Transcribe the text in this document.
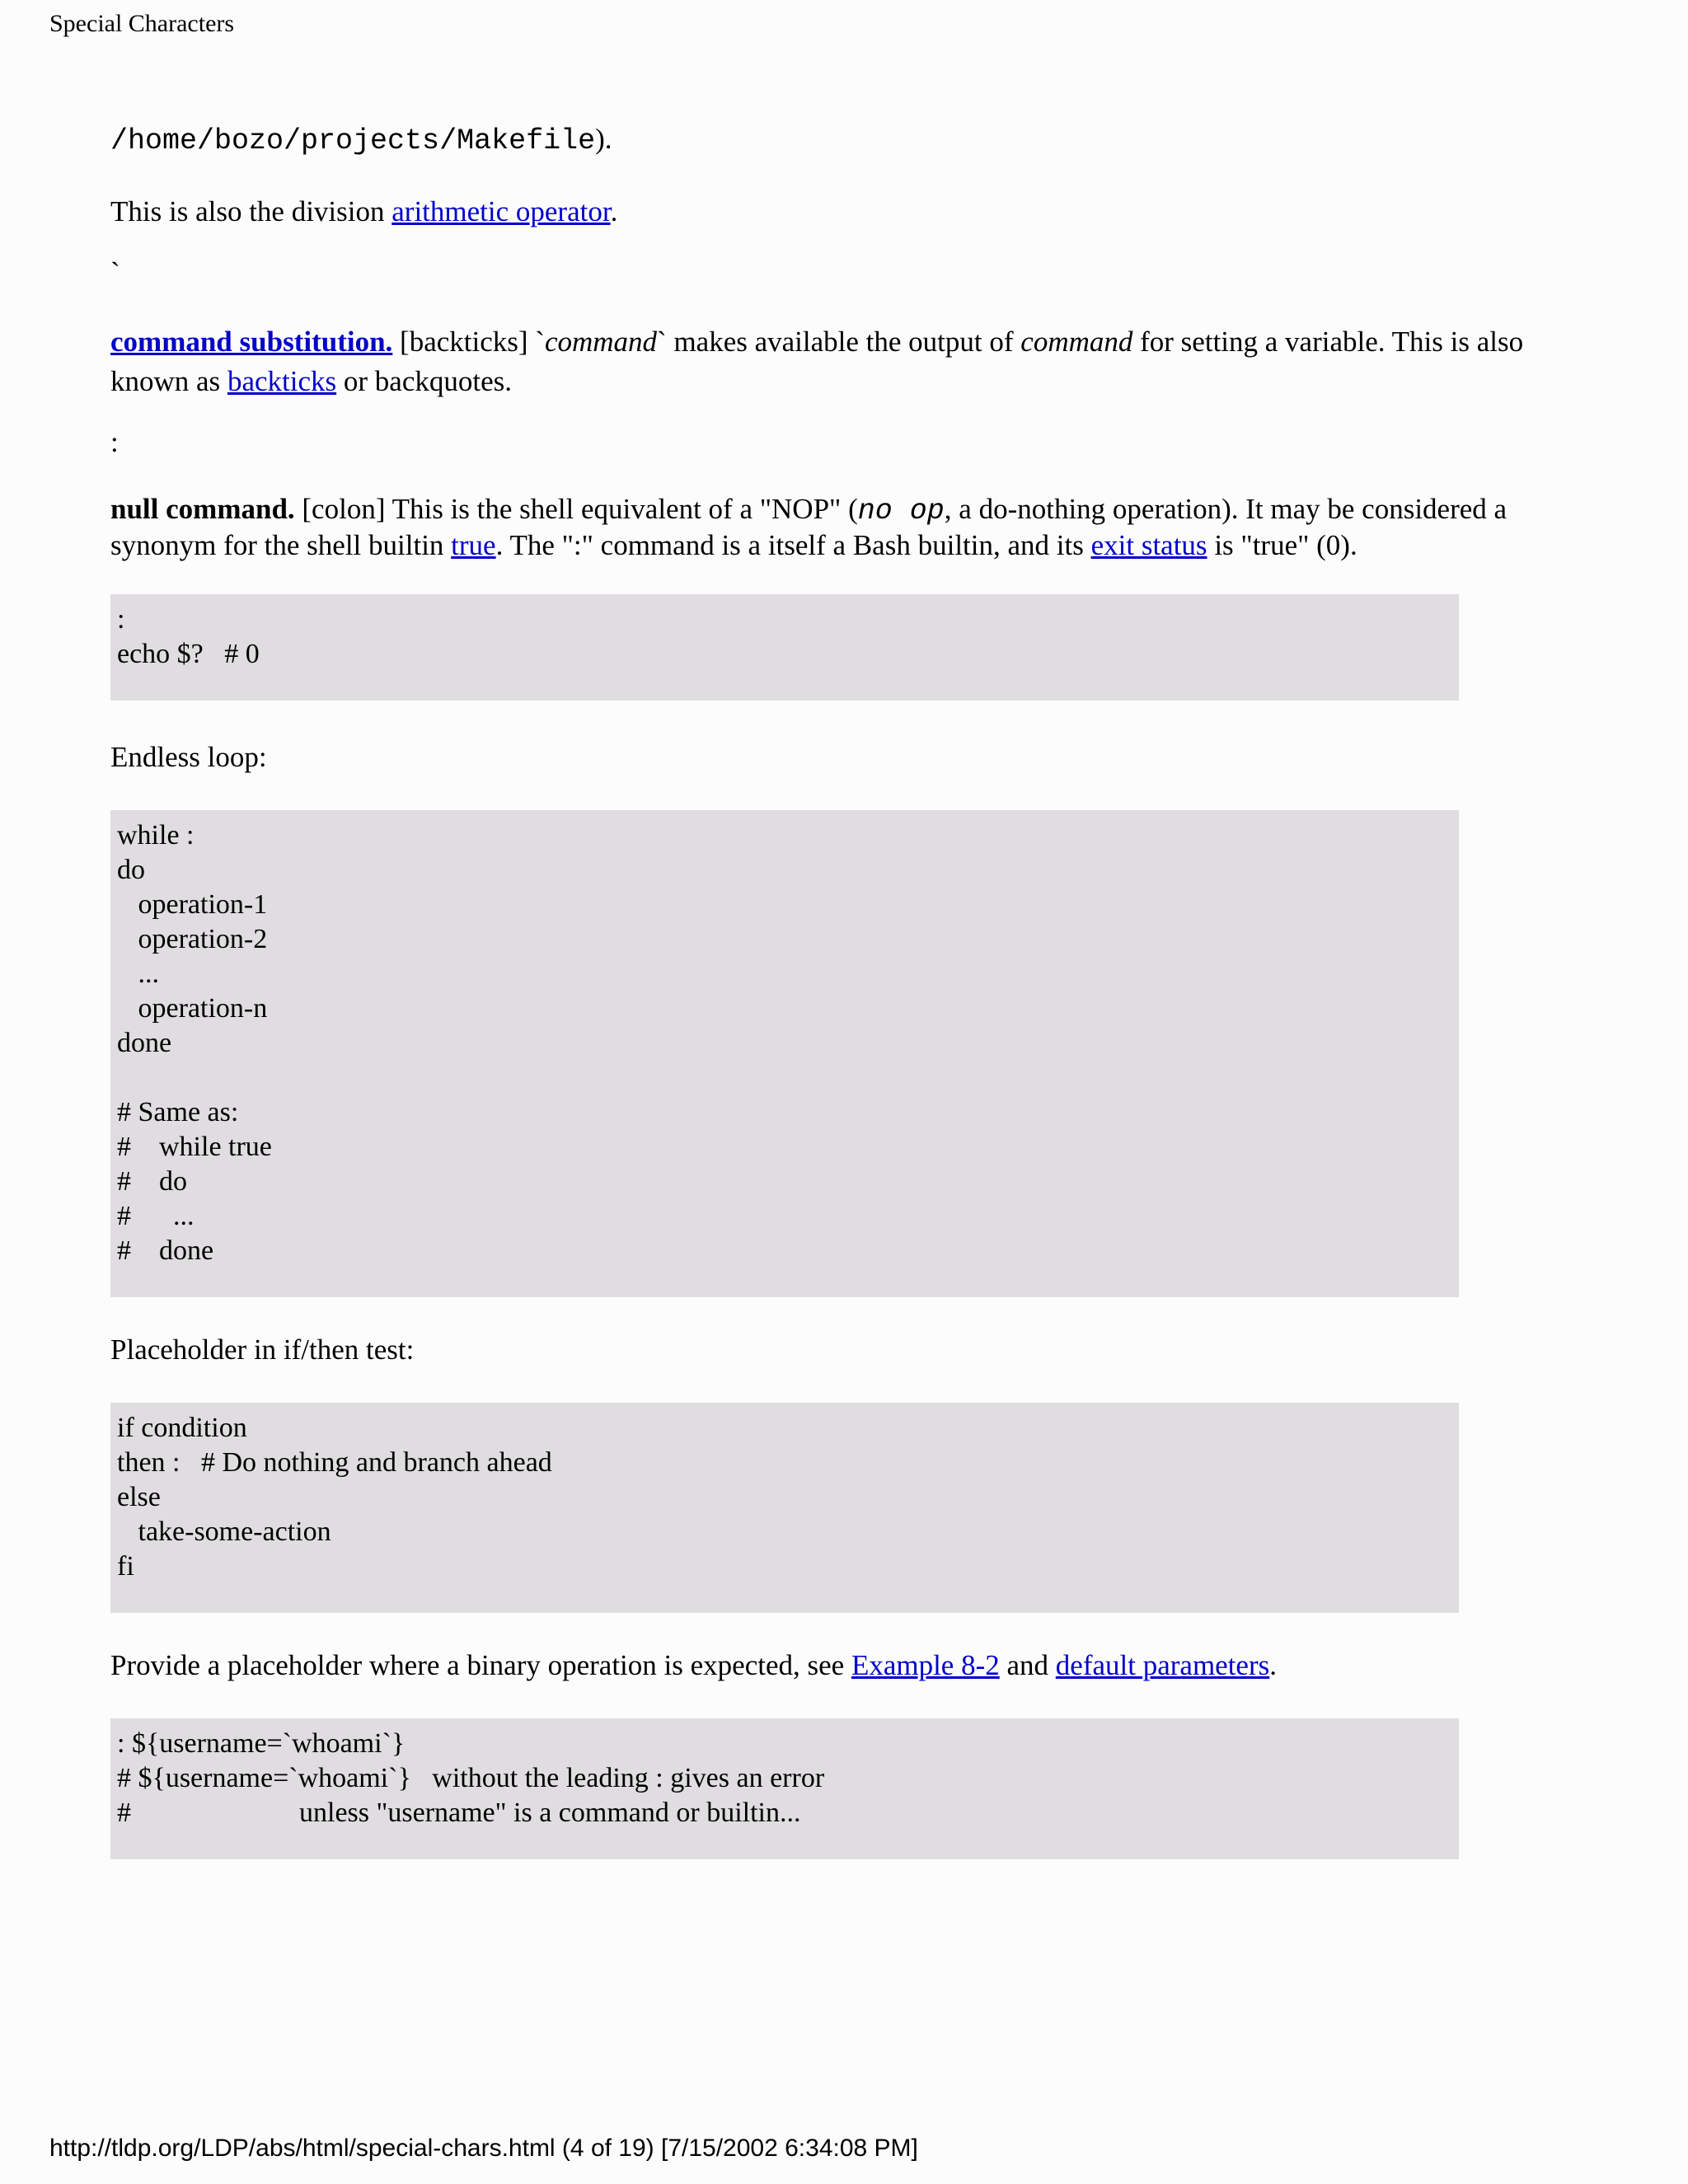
Special Characters
/home/bozo/projects/Makefile).
This is also the division arithmetic operator.
`
command substitution. [backticks] `command` makes available the output of command for setting a variable. This is also known as backticks or backquotes.
:
null command. [colon] This is the shell equivalent of a "NOP" (no op, a do-nothing operation). It may be considered a synonym for the shell builtin true. The ":" command is a itself a Bash builtin, and its exit status is "true" (0).
:
echo $?   # 0
Endless loop:
while :
do
operation-1
operation-2
...
operation-n
done

# Same as:
#    while true
#    do
#      ...
#    done
Placeholder in if/then test:
if condition
then :   # Do nothing and branch ahead
else
take-some-action
fi
Provide a placeholder where a binary operation is expected, see Example 8-2 and default parameters.
: ${username=`whoami`}
# ${username=`whoami`}   without the leading : gives an error
#                        unless "username" is a command or builtin...
http://tldp.org/LDP/abs/html/special-chars.html (4 of 19) [7/15/2002 6:34:08 PM]
